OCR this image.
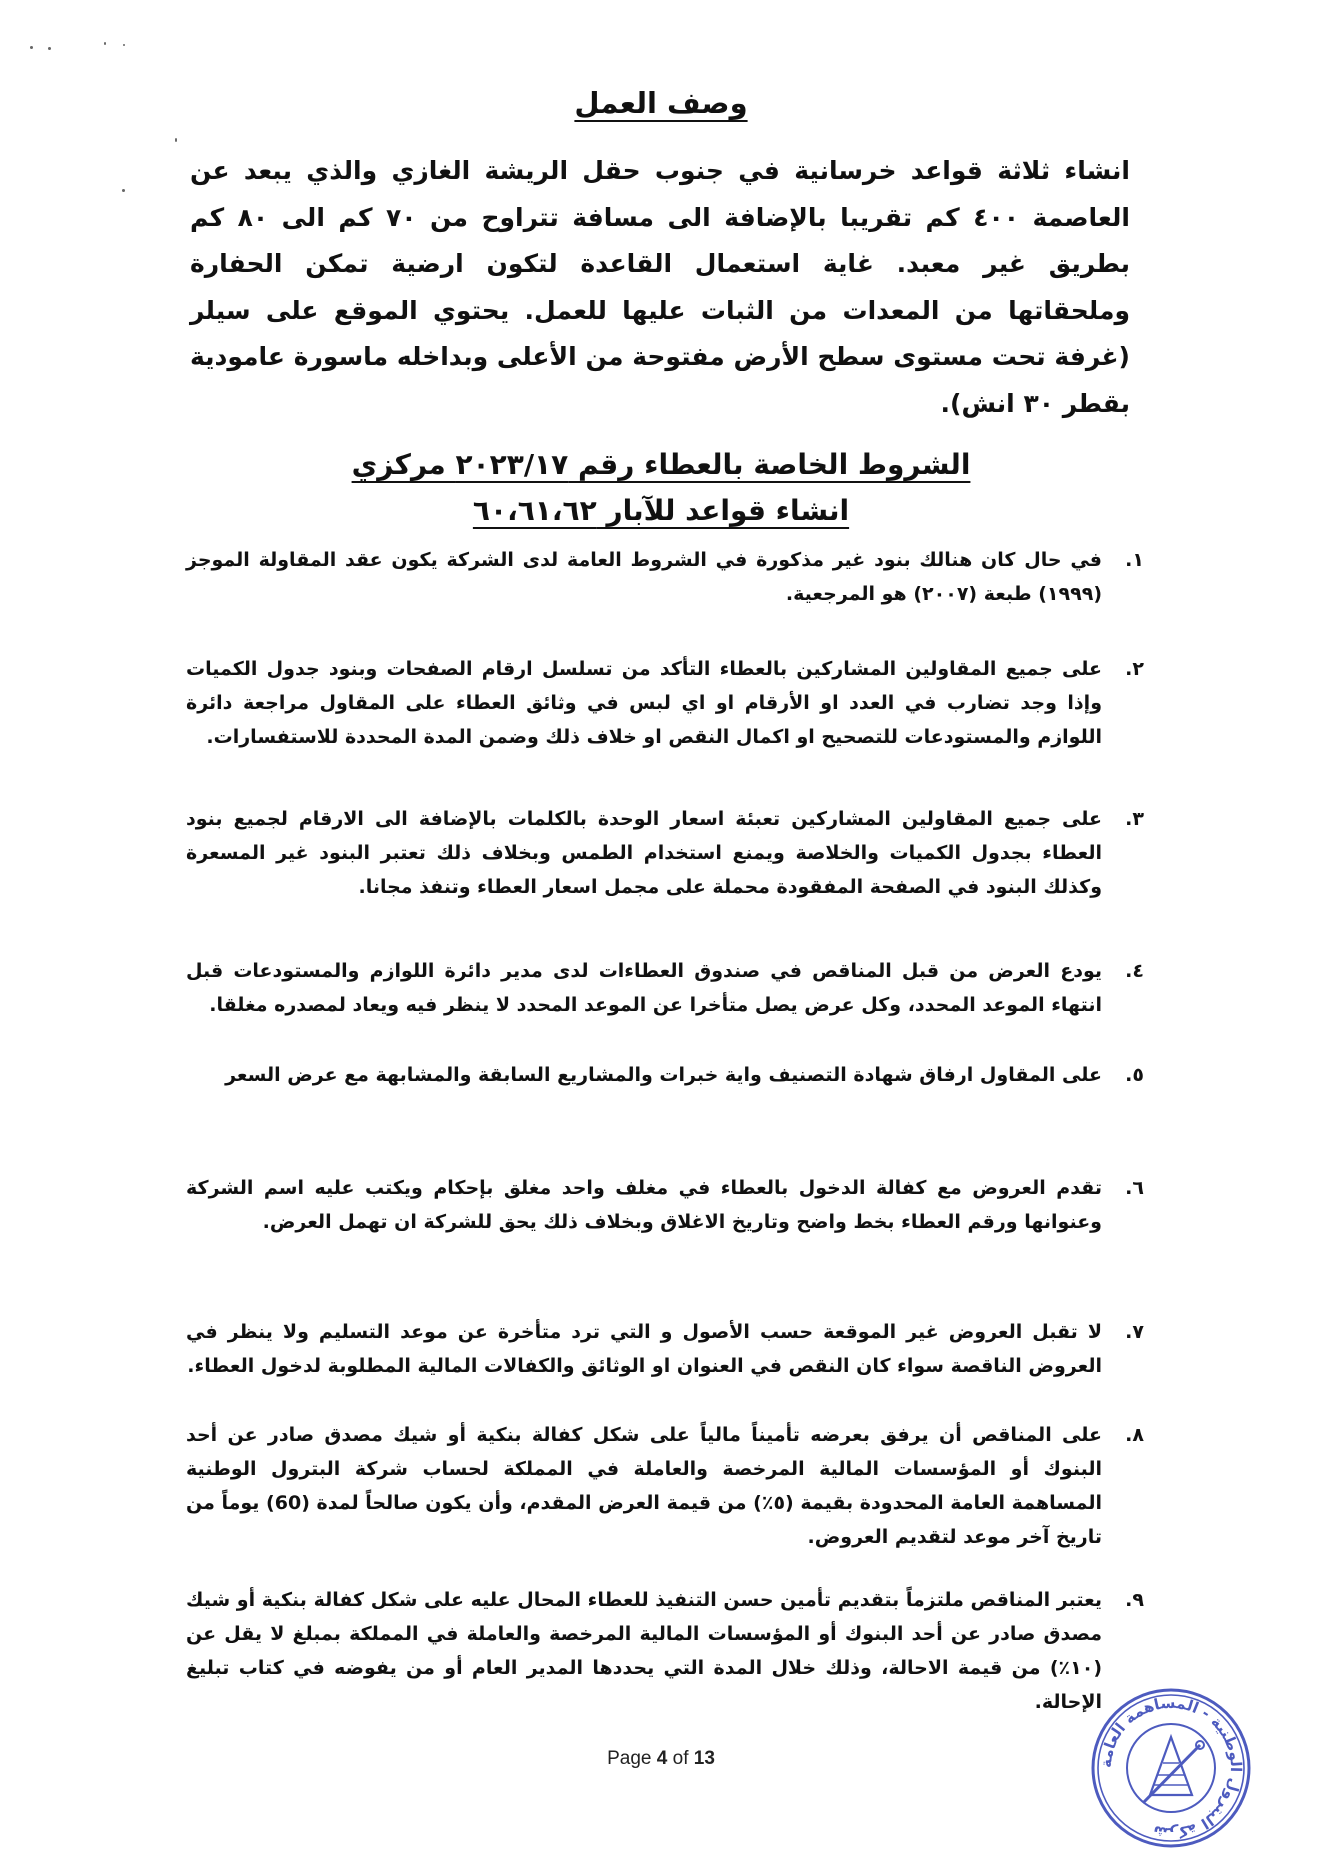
وصف العمل
انشاء ثلاثة قواعد خرسانية في جنوب حقل الريشة الغازي والذي يبعد عن العاصمة ٤٠٠ كم تقريبا بالإضافة الى مسافة تتراوح من ٧٠ كم الى ٨٠ كم بطريق غير معبد. غاية استعمال القاعدة لتكون ارضية تمكن الحفارة وملحقاتها من المعدات من الثبات عليها للعمل. يحتوي الموقع على سيلر (غرفة تحت مستوى سطح الأرض مفتوحة من الأعلى وبداخله ماسورة عامودية بقطر ٣٠ انش).
الشروط الخاصة بالعطاء رقم ٢٠٢٣/١٧ مركزي
انشاء قواعد للآبار ٦٠،٦١،٦٢
١.
في حال كان هنالك بنود غير مذكورة في الشروط العامة لدى الشركة يكون عقد المقاولة الموجز (١٩٩٩) طبعة (٢٠٠٧) هو المرجعية.
٢.
على جميع المقاولين المشاركين بالعطاء التأكد من تسلسل ارقام الصفحات وبنود جدول الكميات وإذا وجد تضارب في العدد او الأرقام او اي لبس في وثائق العطاء على المقاول مراجعة دائرة اللوازم والمستودعات للتصحيح او اكمال النقص او خلاف ذلك وضمن المدة المحددة للاستفسارات.
٣.
على جميع المقاولين المشاركين تعبئة اسعار الوحدة بالكلمات بالإضافة الى الارقام لجميع بنود العطاء بجدول الكميات والخلاصة ويمنع استخدام الطمس وبخلاف ذلك تعتبر البنود غير المسعرة وكذلك البنود في الصفحة المفقودة محملة على مجمل اسعار العطاء وتنفذ مجانا.
٤.
يودع العرض من قبل المناقص في صندوق العطاءات لدى مدير دائرة اللوازم والمستودعات قبل انتهاء الموعد المحدد، وكل عرض يصل متأخرا عن الموعد المحدد لا ينظر فيه ويعاد لمصدره مغلقا.
٥.
على المقاول ارفاق شهادة التصنيف واية خبرات والمشاريع السابقة والمشابهة مع عرض السعر
٦.
تقدم العروض مع كفالة الدخول بالعطاء في مغلف واحد مغلق بإحكام ويكتب عليه اسم الشركة وعنوانها ورقم العطاء بخط واضح وتاريخ الاغلاق وبخلاف ذلك يحق للشركة ان تهمل العرض.
٧.
لا تقبل العروض غير الموقعة حسب الأصول و التي ترد متأخرة عن موعد التسليم ولا ينظر في العروض الناقصة سواء كان النقص في العنوان او الوثائق والكفالات المالية المطلوبة لدخول العطاء.
٨.
على المناقص أن يرفق بعرضه تأميناً مالياً على شكل كفالة بنكية أو شيك مصدق صادر عن أحد البنوك أو المؤسسات المالية المرخصة والعاملة في المملكة لحساب شركة البترول الوطنية المساهمة العامة المحدودة بقيمة (٥٪) من قيمة العرض المقدم، وأن يكون صالحاً لمدة (60) يوماً من تاريخ آخر موعد لتقديم العروض.
٩.
يعتبر المناقص ملتزماً بتقديم تأمين حسن التنفيذ للعطاء المحال عليه على شكل كفالة بنكية أو شيك مصدق صادر عن أحد البنوك أو المؤسسات المالية المرخصة والعاملة في المملكة بمبلغ لا يقل عن (١٠٪) من قيمة الاحالة، وذلك خلال المدة التي يحددها المدير العام أو من يفوضه في كتاب تبليغ الإحالة.
Page 4 of 13	شركة البترول الوطنية - المساهمة العامة
